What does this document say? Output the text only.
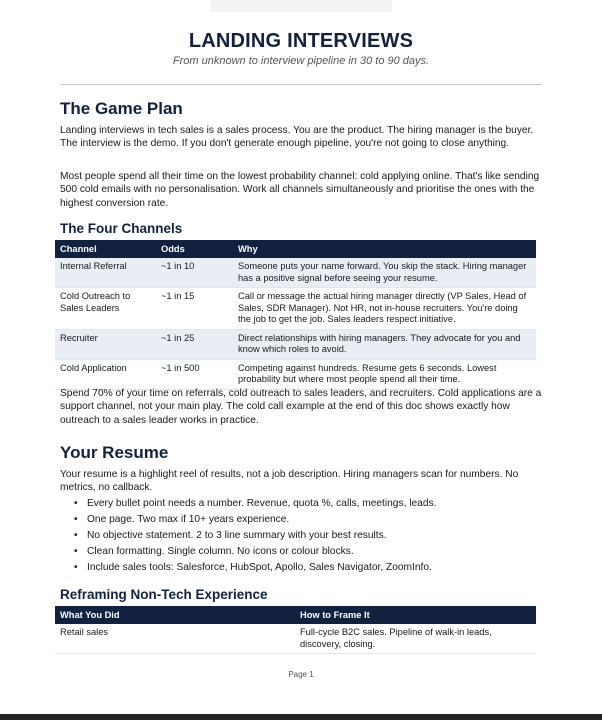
LANDING INTERVIEWS
From unknown to interview pipeline in 30 to 90 days.
The Game Plan
Landing interviews in tech sales is a sales process. You are the product. The hiring manager is the buyer. The interview is the demo. If you don't generate enough pipeline, you're not going to close anything.
Most people spend all their time on the lowest probability channel: cold applying online. That's like sending 500 cold emails with no personalisation. Work all channels simultaneously and prioritise the ones with the highest conversion rate.
The Four Channels
Channel	Odds	Why
Internal Referral	~1 in 10	Someone puts your name forward. You skip the stack. Hiring manager has a positive signal before seeing your resume.
Cold Outreach to Sales Leaders	~1 in 15	Call or message the actual hiring manager directly (VP Sales, Head of Sales, SDR Manager). Not HR, not in-house recruiters. You're doing the job to get the job. Sales leaders respect initiative.
Recruiter	~1 in 25	Direct relationships with hiring managers. They advocate for you and know which roles to avoid.
Cold Application	~1 in 500	Competing against hundreds. Resume gets 6 seconds. Lowest probability but where most people spend all their time.
Spend 70% of your time on referrals, cold outreach to sales leaders, and recruiters. Cold applications are a support channel, not your main play. The cold call example at the end of this doc shows exactly how outreach to a sales leader works in practice.
Your Resume
Your resume is a highlight reel of results, not a job description. Hiring managers scan for numbers. No metrics, no callback.
• Every bullet point needs a number. Revenue, quota %, calls, meetings, leads.
• One page. Two max if 10+ years experience.
• No objective statement. 2 to 3 line summary with your best results.
• Clean formatting. Single column. No icons or colour blocks.
• Include sales tools: Salesforce, HubSpot, Apollo, Sales Navigator, ZoomInfo.
Reframing Non-Tech Experience
What You Did	How to Frame It
Retail sales	Full-cycle B2C sales. Pipeline of walk-in leads, discovery, closing.
Page 1
